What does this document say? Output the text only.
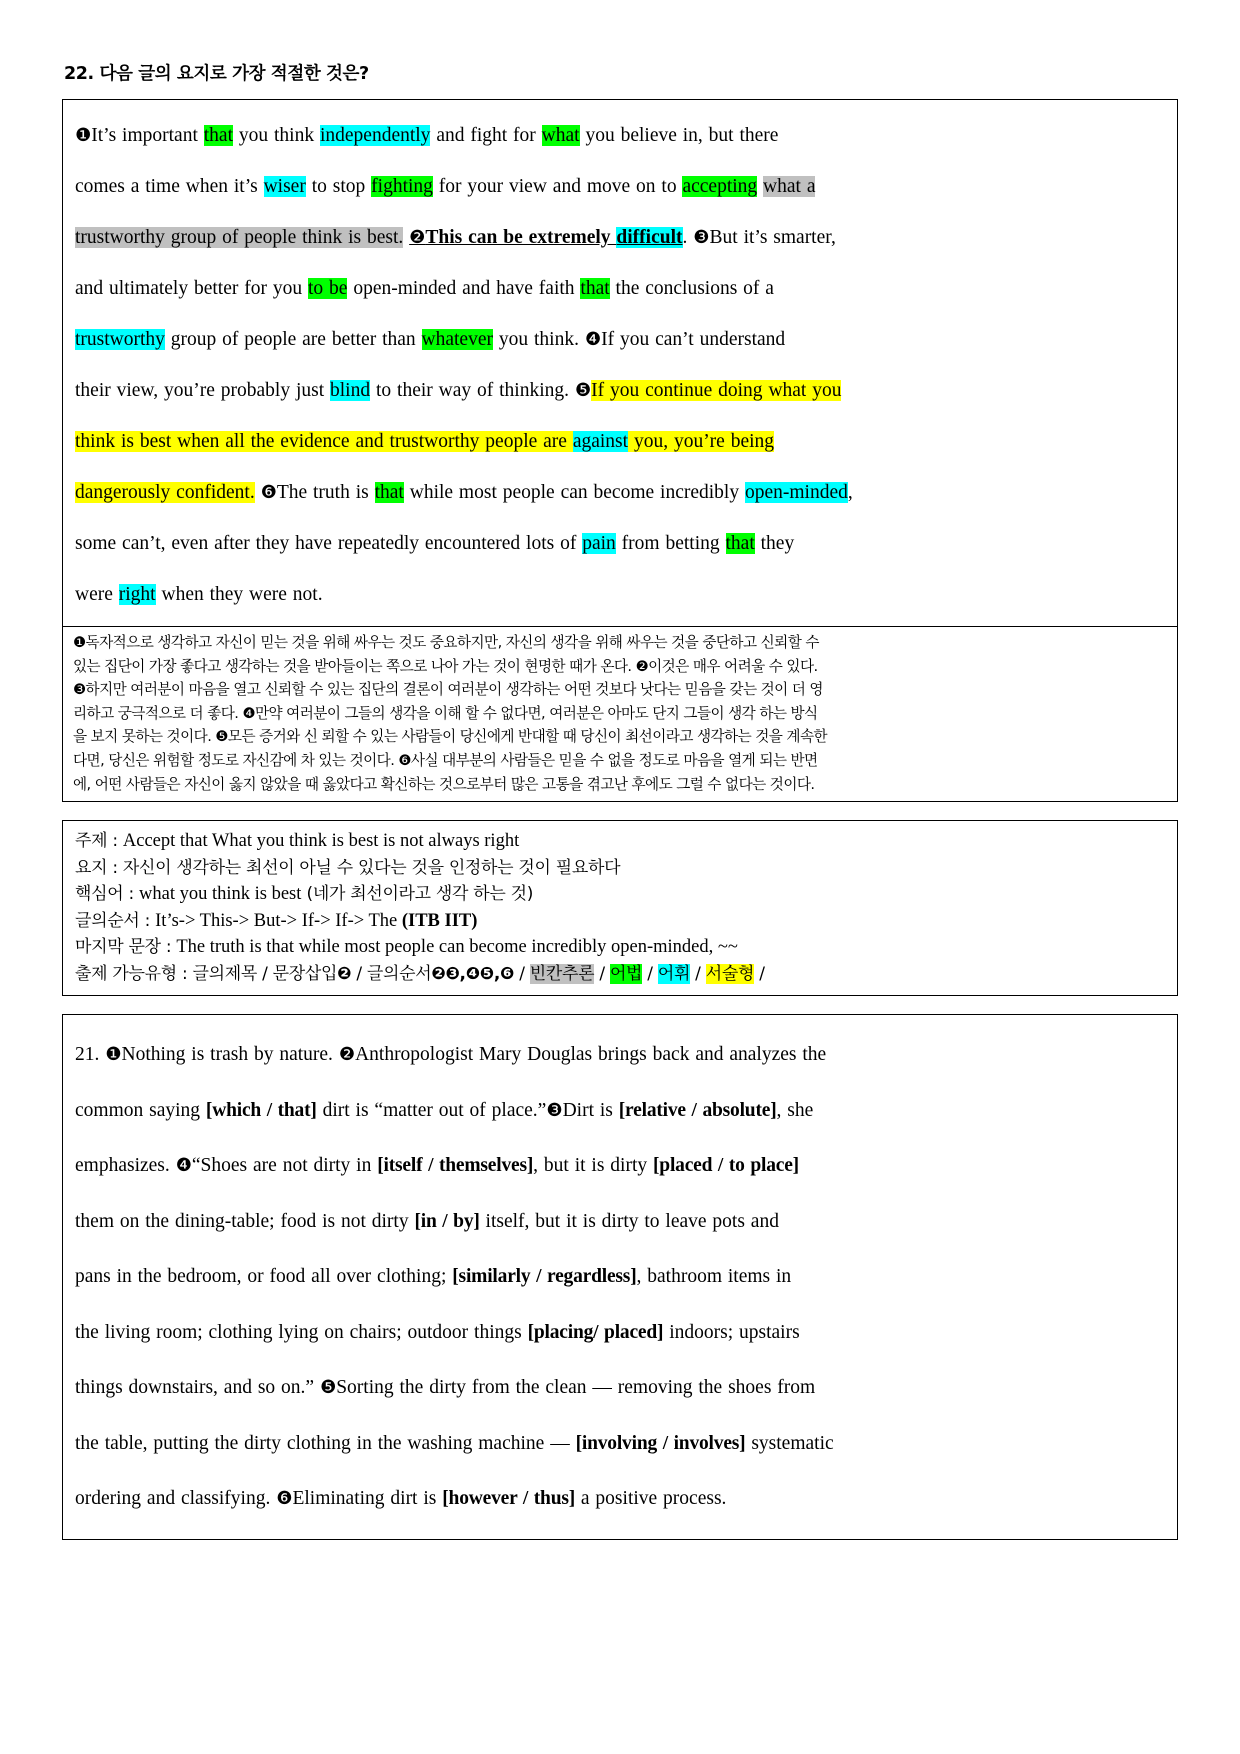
22. 다음 글의 요지로 가장 적절한 것은?
❶It’s important that you think independently and fight for what you believe in, but there
comes a time when it’s wiser to stop fighting for your view and move on to accepting what a
trustworthy group of people think is best. ❷This can be extremely difficult. ❸But it’s smarter,
and ultimately better for you to be open-minded and have faith that the conclusions of a
trustworthy group of people are better than whatever you think. ❹If you can’t understand
their view, you’re probably just blind to their way of thinking. ❺If you continue doing what you
think is best when all the evidence and trustworthy people are against you, you’re being
dangerously confident. ❻The truth is that while most people can become incredibly open-minded,
some can’t, even after they have repeatedly encountered lots of pain from betting that they
were right when they were not.
❶독자적으로 생각하고 자신이 믿는 것을 위해 싸우는 것도 중요하지만, 자신의 생각을 위해 싸우는 것을 중단하고 신뢰할 수
있는 집단이 가장 좋다고 생각하는 것을 받아들이는 쪽으로 나아 가는 것이 현명한 때가 온다. ❷이것은 매우 어려울 수 있다.
❸하지만 여러분이 마음을 열고 신뢰할 수 있는 집단의 결론이 여러분이 생각하는 어떤 것보다 낫다는 믿음을 갖는 것이 더 영
리하고 궁극적으로 더 좋다. ❹만약 여러분이 그들의 생각을 이해 할 수 없다면, 여러분은 아마도 단지 그들이 생각 하는 방식
을 보지 못하는 것이다. ❺모든 증거와 신 뢰할 수 있는 사람들이 당신에게 반대할 때 당신이 최선이라고 생각하는 것을 계속한
다면, 당신은 위험할 정도로 자신감에 차 있는 것이다. ❻사실 대부분의 사람들은 믿을 수 없을 정도로 마음을 열게 되는 반면
에, 어떤 사람들은 자신이 옳지 않았을 때 옳았다고 확신하는 것으로부터 많은 고통을 겪고난 후에도 그럴 수 없다는 것이다.
주제 : Accept that What you think is best is not always right
요지 : 자신이 생각하는 최선이 아닐 수 있다는 것을 인정하는 것이 필요하다
핵심어 : what you think is best (네가 최선이라고 생각 하는 것)
글의순서 : It’s-> This-> But-> If-> If-> The (ITB IIT)
마지막 문장 : The truth is that while most people can become incredibly open-minded, ~~
출제 가능유형 : 글의제목 / 문장삽입❷ / 글의순서❷❸,❹❺,❻ / 빈칸추론 / 어법 / 어휘 / 서술형 /
21. ❶Nothing is trash by nature. ❷Anthropologist Mary Douglas brings back and analyzes the
common saying [which / that] dirt is “matter out of place.”❸Dirt is [relative / absolute], she
emphasizes. ❹“Shoes are not dirty in [itself / themselves], but it is dirty [placed / to place]
them on the dining-table; food is not dirty [in / by] itself, but it is dirty to leave pots and
pans in the bedroom, or food all over clothing; [similarly / regardless], bathroom items in
the living room; clothing lying on chairs; outdoor things [placing/ placed] indoors; upstairs
things downstairs, and so on.” ❺Sorting the dirty from the clean — removing the shoes from
the table, putting the dirty clothing in the washing machine — [involving / involves] systematic
ordering and classifying. ❻Eliminating dirt is [however / thus] a positive process.
